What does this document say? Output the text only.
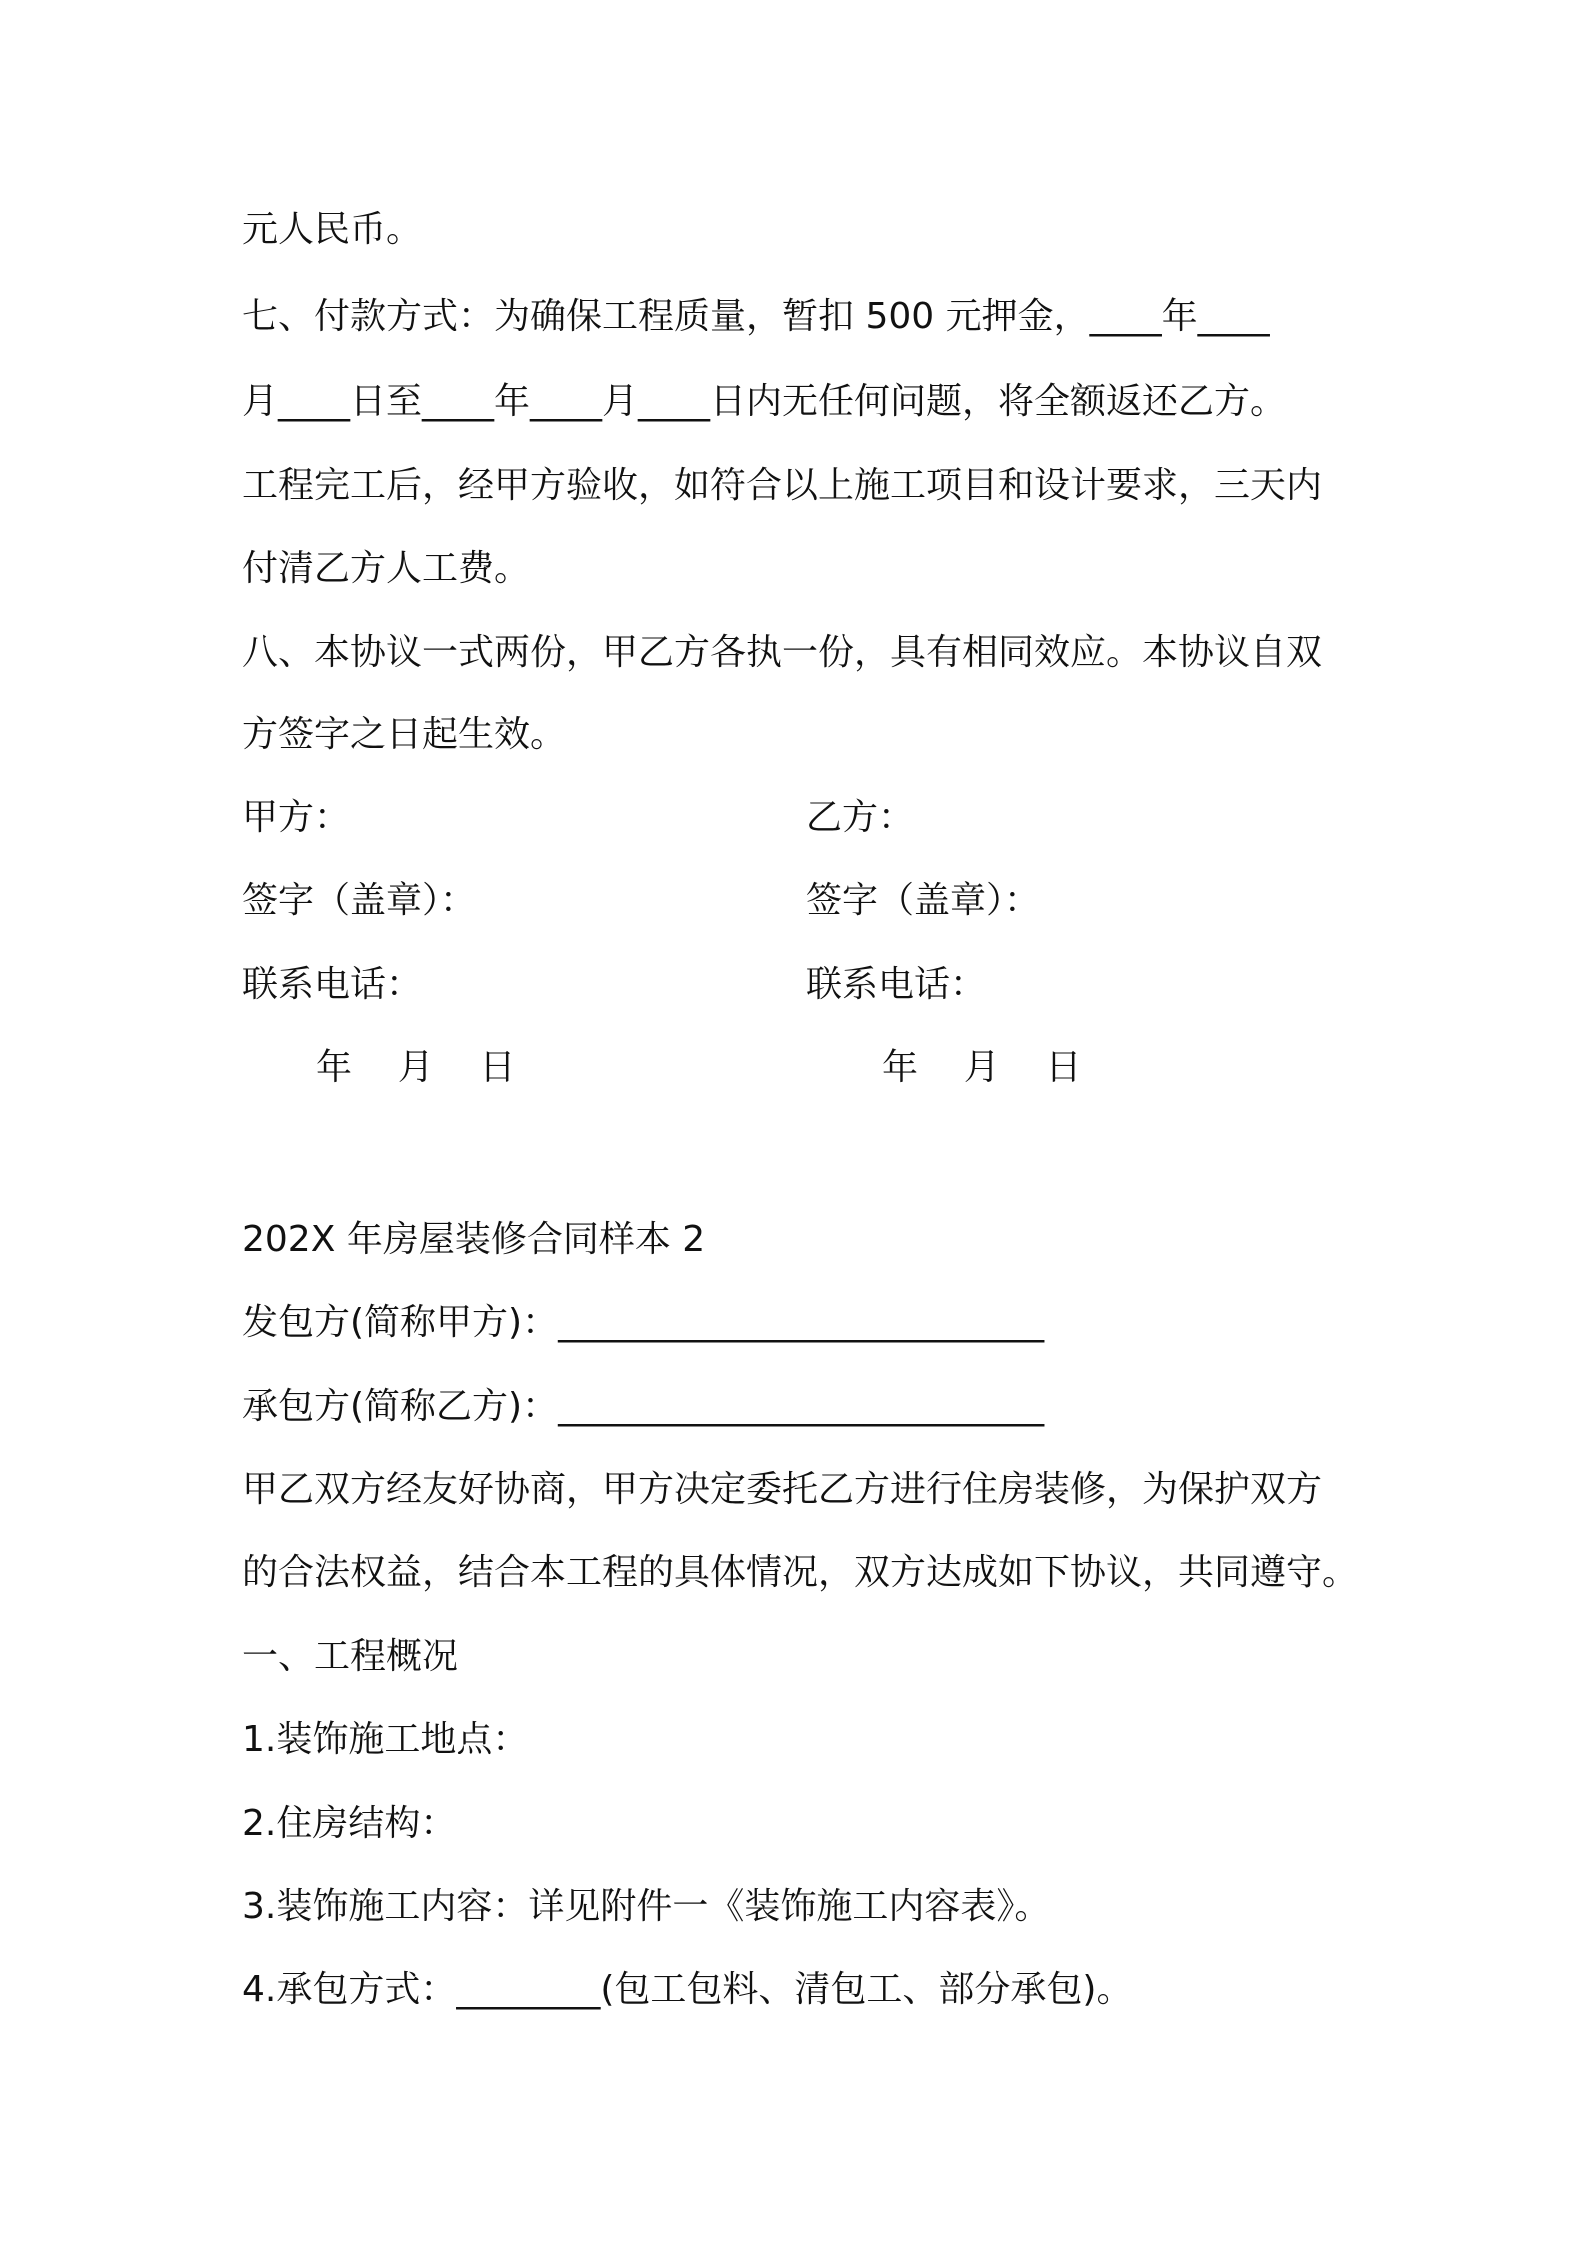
元人民币。
七、付款方式：为确保工程质量，暂扣 500 元押金，____年____
月____日至____年____月____日内无任何问题，将全额返还乙方。
工程完工后，经甲方验收，如符合以上施工项目和设计要求，三天内
付清乙方人工费。
八、本协议一式两份，甲乙方各执一份，具有相同效应。本协议自双
方签字之日起生效。
甲方：	乙方：
签字（盖章）：	签字（盖章）：
联系电话：	联系电话：
年    月    日	年    月    日
202X 年房屋装修合同样本 2
发包方(简称甲方)：___________________________
承包方(简称乙方)：___________________________
甲乙双方经友好协商，甲方决定委托乙方进行住房装修，为保护双方
的合法权益，结合本工程的具体情况，双方达成如下协议，共同遵守。
一、工程概况
1.装饰施工地点：
2.住房结构：
3.装饰施工内容：详见附件一《装饰施工内容表》。
4.承包方式：________(包工包料、清包工、部分承包)。
